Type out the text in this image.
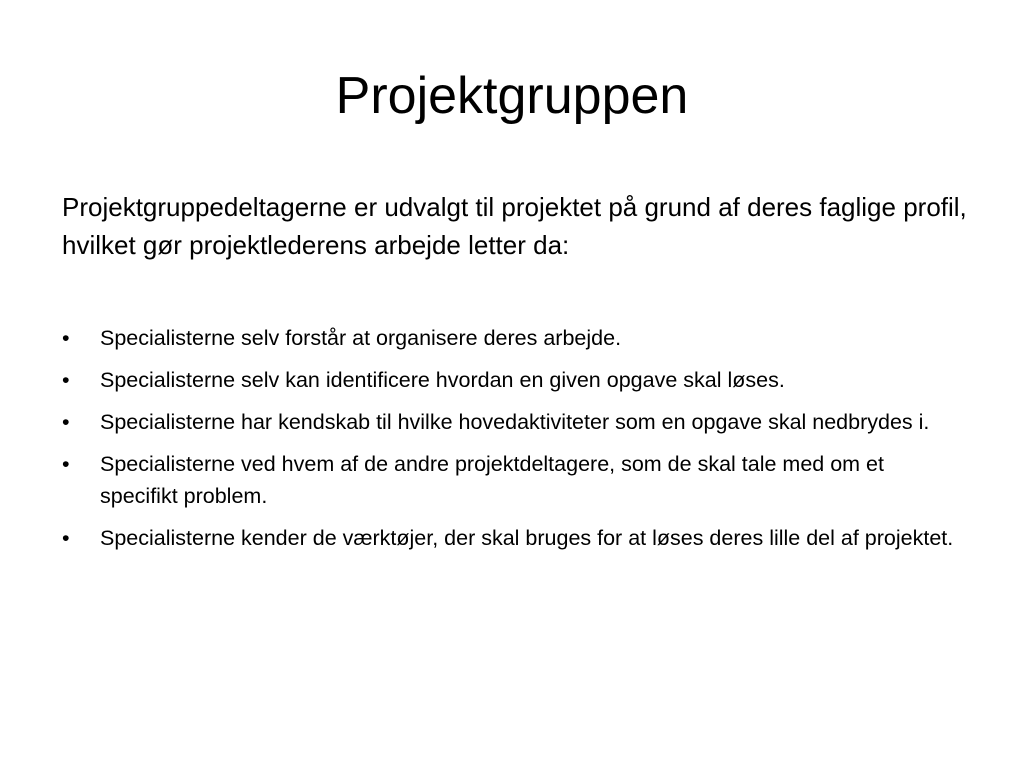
Projektgruppen

Projektgruppedeltagerne er udvalgt til projektet på grund af deres faglige profil, hvilket gør projektlederens arbejde letter da:

• Specialisterne selv forstår at organisere deres arbejde.
• Specialisterne selv kan identificere hvordan en given opgave skal løses.
• Specialisterne har kendskab til hvilke hovedaktiviteter som en opgave skal nedbrydes i.
• Specialisterne ved hvem af de andre projektdeltagere, som de skal tale med om et specifikt problem.
• Specialisterne kender de værktøjer, der skal bruges for at løses deres lille del af projektet.
